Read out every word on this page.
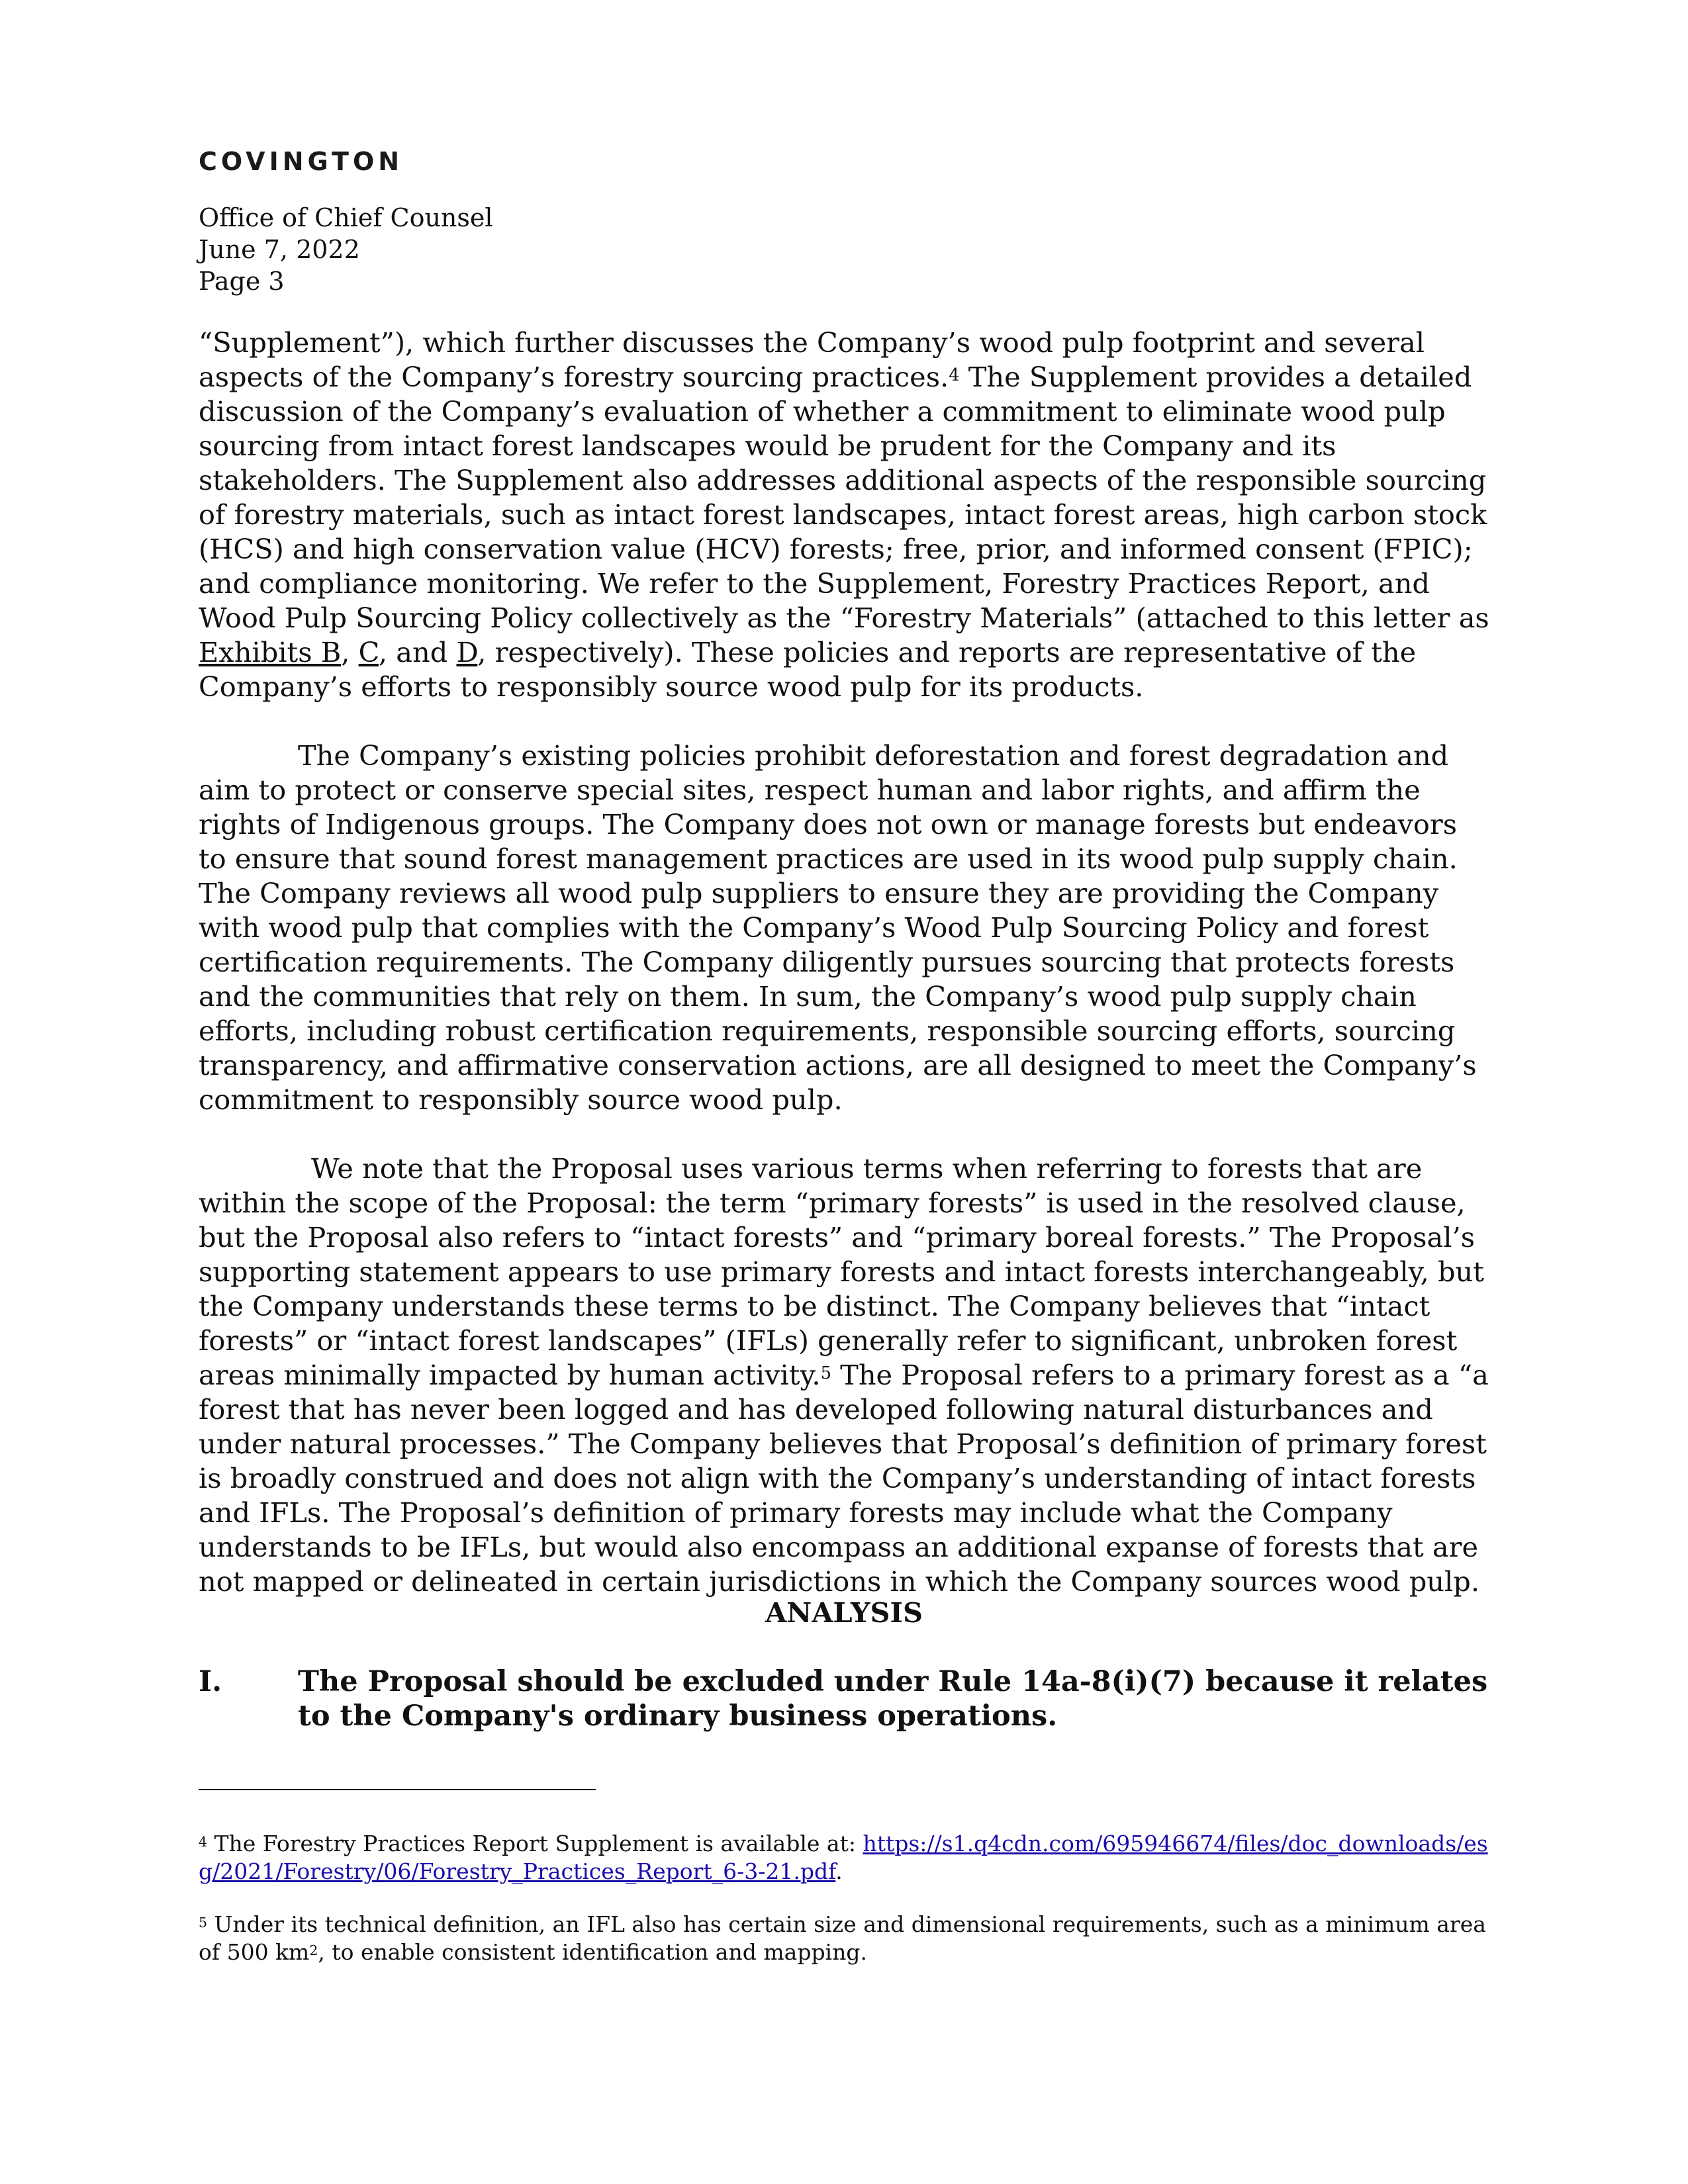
COVINGTON
Office of Chief Counsel
June 7, 2022
Page 3

“Supplement”), which further discusses the Company’s wood pulp footprint and several aspects of the Company’s forestry sourcing practices.$^4$ The Supplement provides a detailed discussion of the Company’s evaluation of whether a commitment to eliminate wood pulp sourcing from intact forest landscapes would be prudent for the Company and its stakeholders. The Supplement also addresses additional aspects of the responsible sourcing of forestry materials, such as intact forest landscapes, intact forest areas, high carbon stock (HCS) and high conservation value (HCV) forests; free, prior, and informed consent (FPIC); and compliance monitoring. We refer to the Supplement, Forestry Practices Report, and Wood Pulp Sourcing Policy collectively as the “Forestry Materials” (attached to this letter as Exhibits B, C, and D, respectively). These policies and reports are representative of the Company’s efforts to responsibly source wood pulp for its products.

The Company’s existing policies prohibit deforestation and forest degradation and aim to protect or conserve special sites, respect human and labor rights, and affirm the rights of Indigenous groups. The Company does not own or manage forests but endeavors to ensure that sound forest management practices are used in its wood pulp supply chain. The Company reviews all wood pulp suppliers to ensure they are providing the Company with wood pulp that complies with the Company’s Wood Pulp Sourcing Policy and forest certification requirements. The Company diligently pursues sourcing that protects forests and the communities that rely on them. In sum, the Company’s wood pulp supply chain efforts, including robust certification requirements, responsible sourcing efforts, sourcing transparency, and affirmative conservation actions, are all designed to meet the Company’s commitment to responsibly source wood pulp.

We note that the Proposal uses various terms when referring to forests that are within the scope of the Proposal: the term “primary forests” is used in the resolved clause, but the Proposal also refers to “intact forests” and “primary boreal forests.” The Proposal’s supporting statement appears to use primary forests and intact forests interchangeably, but the Company understands these terms to be distinct. The Company believes that “intact forests” or “intact forest landscapes” (IFLs) generally refer to significant, unbroken forest areas minimally impacted by human activity.$^5$ The Proposal refers to a primary forest as a “a forest that has never been logged and has developed following natural disturbances and under natural processes.” The Company believes that Proposal’s definition of primary forest is broadly construed and does not align with the Company’s understanding of intact forests and IFLs. The Proposal’s definition of primary forests may include what the Company understands to be IFLs, but would also encompass an additional expanse of forests that are not mapped or delineated in certain jurisdictions in which the Company sources wood pulp.

ANALYSIS
I.	The Proposal should be excluded under Rule 14a-8(i)(7) because it relates to the Company's ordinary business operations.

$^4$ The Forestry Practices Report Supplement is available at: https://s1.q4cdn.com/695946674/files/doc_downloads/esg/2021/Forestry/06/Forestry_Practices_Report_6-3-21.pdf.

$^5$ Under its technical definition, an IFL also has certain size and dimensional requirements, such as a minimum area of 500 $km^2$, to enable consistent identification and mapping.
